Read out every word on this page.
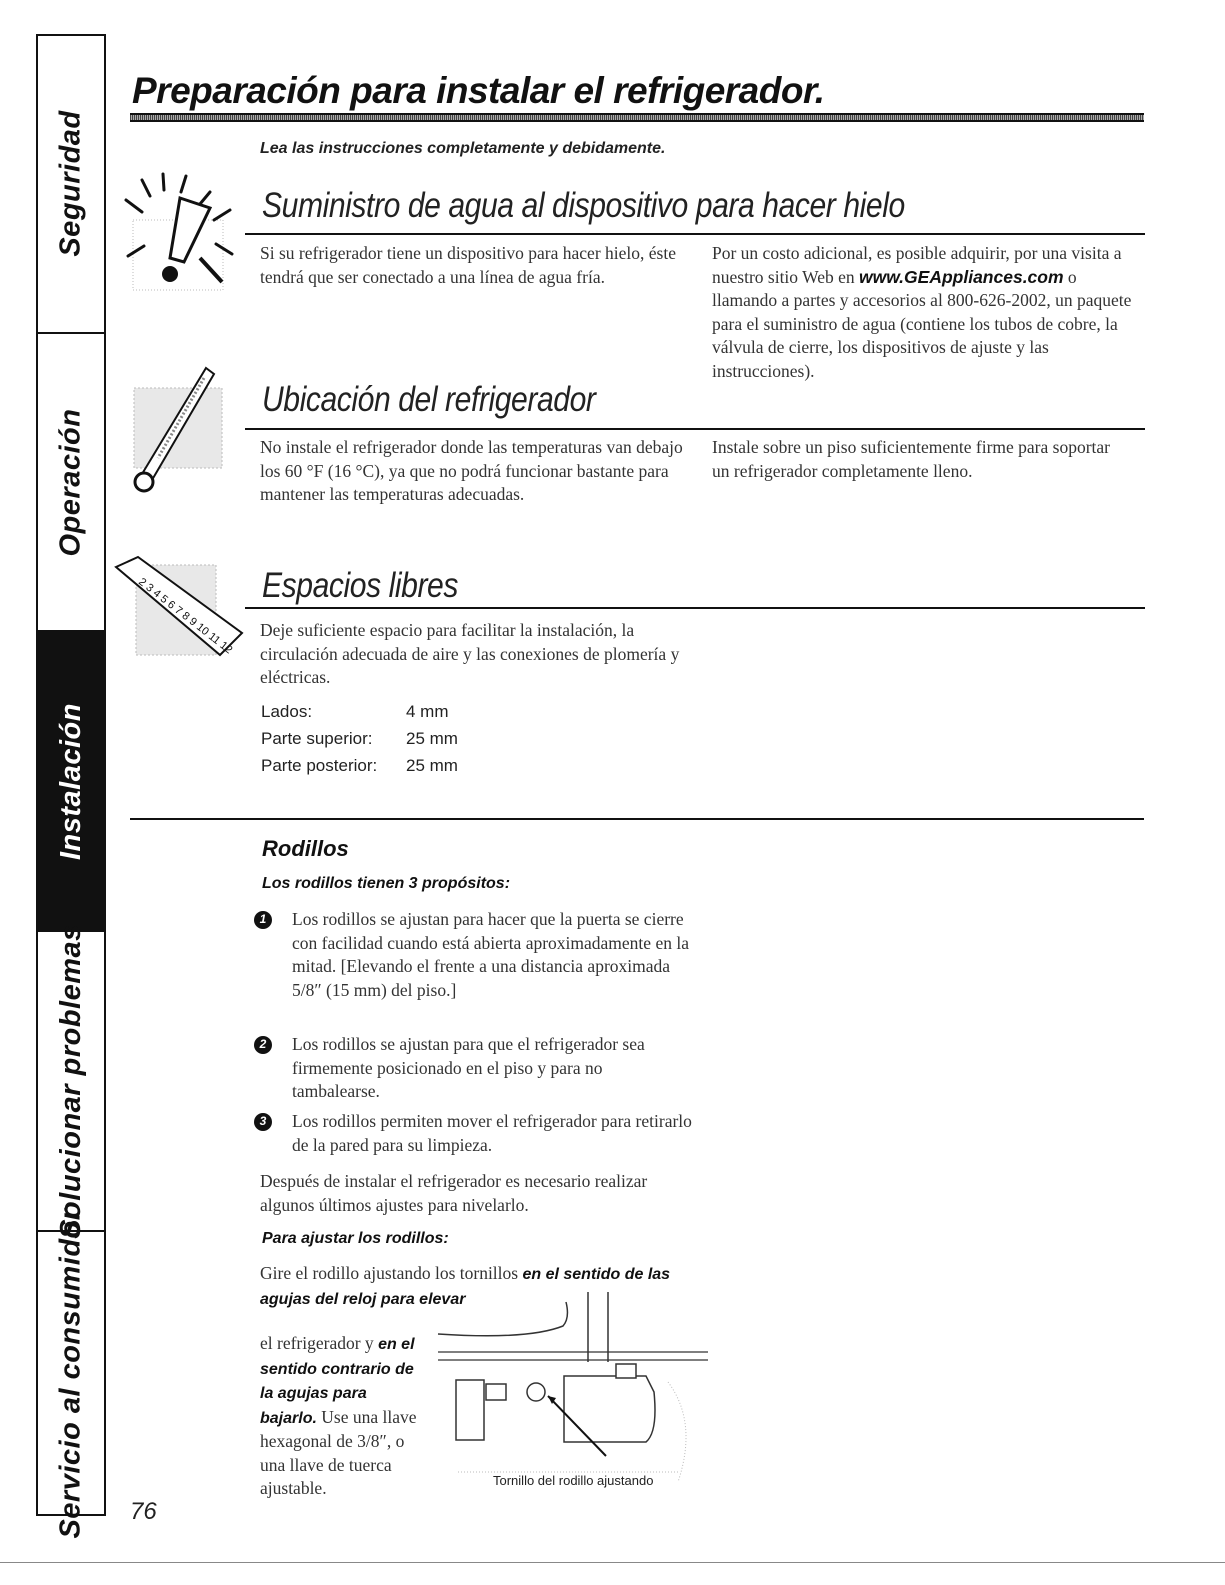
Seguridad
Operación
Instalación
Solucionar problemas
Servicio al consumidor
Preparación para instalar el refrigerador.
Lea las instrucciones completamente y debidamente.
Suministro de agua al dispositivo para hacer hielo
Si su refrigerador tiene un dispositivo para hacer hielo, éste tendrá que ser conectado a una línea de agua fría.
Por un costo adicional, es posible adquirir, por una visita a nuestro sitio Web en www.GEAppliances.com o llamando a partes y accesorios al 800-626-2002, un paquete para el suministro de agua (contiene los tubos de cobre, la válvula de cierre, los dispositivos de ajuste y las instrucciones).
Ubicación del refrigerador
No instale el refrigerador donde las temperaturas van debajo los 60 °F (16 °C), ya que no podrá funcionar bastante para mantener las temperaturas adecuadas.
Instale sobre un piso suficientemente firme para soportar un refrigerador completamente lleno.
2 3 4 5 6 7 8 9 10 11 12 Espacios libres
Deje suficiente espacio para facilitar la instalación, la circulación adecuada de aire y las conexiones de plomería y eléctricas.
Lados:	4 mm
Parte superior:	25 mm
Parte posterior:	25 mm
Rodillos
Los rodillos tienen 3 propósitos:
1	Los rodillos se ajustan para hacer que la puerta se cierre con facilidad cuando está abierta aproximadamente en la mitad. [Elevando el frente a una distancia aproximada 5/8″ (15 mm) del piso.]
2	Los rodillos se ajustan para que el refrigerador sea firmemente posicionado en el piso y para no tambalearse.
3	Los rodillos permiten mover el refrigerador para retirarlo de la pared para su limpieza.
Después de instalar el refrigerador es necesario realizar algunos últimos ajustes para nivelarlo.
Para ajustar los rodillos:
Gire el rodillo ajustando los tornillos en el sentido de las agujas del reloj para elevar
el refrigerador y en el sentido contrario de la agujas para bajarlo. Use una llave hexagonal de 3/8″, o una llave de tuerca ajustable.	Tornillo del rodillo ajustando
76
